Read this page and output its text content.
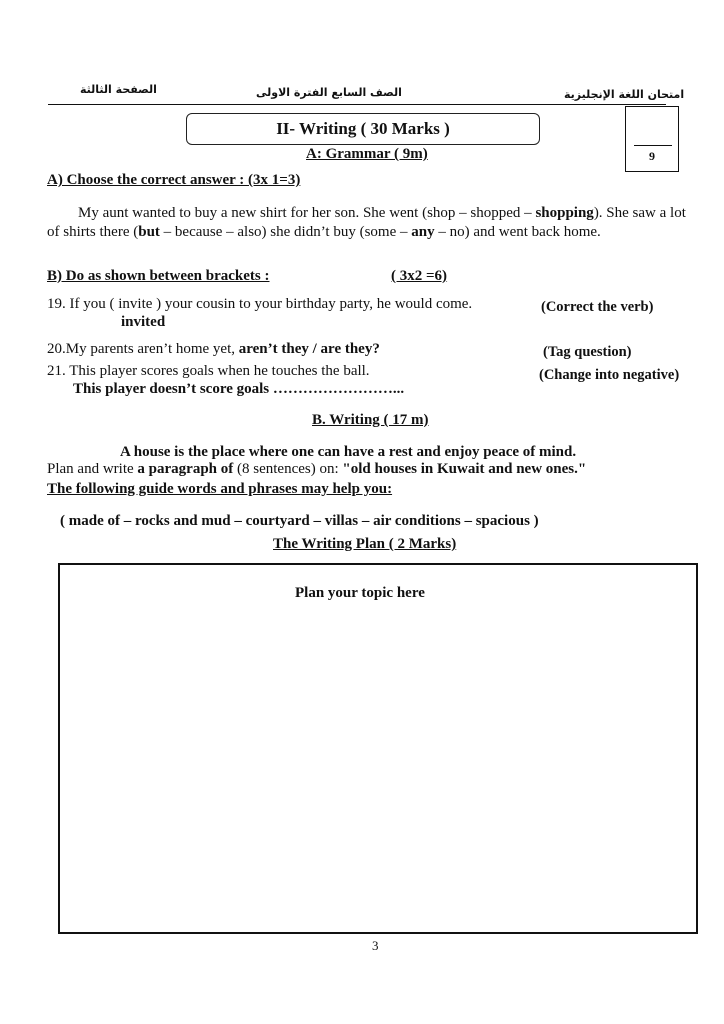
الصفحة الثالثة	الصف السابع الفترة الاولى	امتحان اللغة الإنجليزية
II- Writing ( 30 Marks )
9
A: Grammar ( 9m)
A) Choose the correct answer : (3x 1=3)
My aunt wanted to buy a new shirt for her son. She went (shop – shopped – shopping). She saw a lot of shirts there (but – because – also) she didn’t buy (some – any – no) and went back home.
B) Do as shown between brackets :	( 3x2 =6)
19. If you ( invite ) your cousin to your birthday party, he would come.	(Correct the verb)
invited
20.My parents aren’t home yet, aren’t they / are they?	(Tag question)
21. This player scores goals when he touches the ball.	(Change into negative)
This player doesn’t score goals ……………………...
B. Writing ( 17 m)
A house is the place where one can have a rest and enjoy peace of mind.
Plan and write a paragraph of (8 sentences) on: "old houses in Kuwait and new ones."
The following guide words and phrases may help you:
( made of – rocks and mud – courtyard – villas – air conditions – spacious )
The Writing Plan ( 2 Marks)
Plan your topic here
3
